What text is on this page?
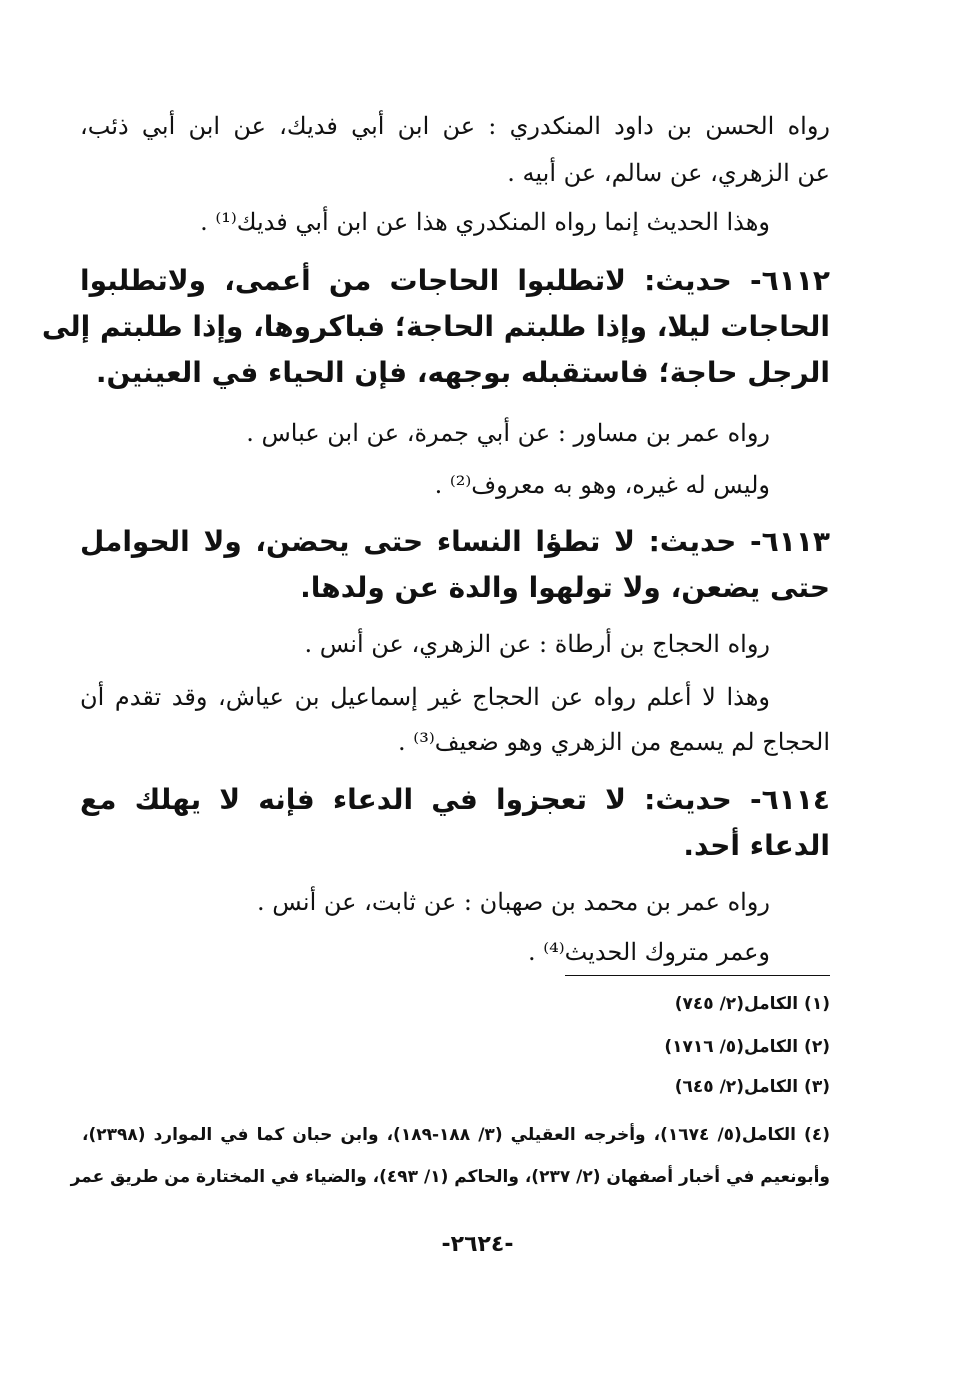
رواه الحسن بن داود المنكدري : عن ابن أبي فديك، عن ابن أبي ذئب،
عن الزهري، عن سالم، عن أبيه .
وهذا الحديث إنما رواه المنكدري هذا عن ابن أبي فديك⁽¹⁾ .
٦١١٢- حديث: لاتطلبوا الحاجات من أعمى، ولاتطلبوا
الحاجات ليلا، وإذا طلبتم الحاجة؛ فباكروها، وإذا طلبتم إلى
الرجل حاجة؛ فاستقبله بوجهه، فإن الحياء في العينين.
رواه عمر بن مساور : عن أبي جمرة، عن ابن عباس .
وليس له غيره، وهو به معروف⁽²⁾ .
٦١١٣- حديث: لا تطؤا النساء حتى يحضن، ولا الحوامل
حتى يضعن، ولا تولهوا والدة عن ولدها.
رواه الحجاج بن أرطاة : عن الزهري، عن أنس .
وهذا لا أعلم رواه عن الحجاج غير إسماعيل بن عياش، وقد تقدم أن
الحجاج لم يسمع من الزهري وهو ضعيف⁽³⁾ .
٦١١٤- حديث: لا تعجزوا في الدعاء فإنه لا يهلك مع
الدعاء أحد.
رواه عمر بن محمد بن صهبان : عن ثابت، عن أنس .
وعمر متروك الحديث⁽⁴⁾ .
(١) الكامل(٢/ ٧٤٥)
(٢) الكامل(٥/ ١٧١٦)
(٣) الكامل(٢/ ٦٤٥)
(٤) الكامل(٥/ ١٦٧٤)، وأخرجه العقيلي (٣/ ١٨٨-١٨٩)، وابن حبان كما في الموارد (٢٣٩٨)،
وأبونعيم في أخبار أصفهان (٢/ ٢٣٧)، والحاكم (١/ ٤٩٣)، والضياء في المختارة من طريق عمر
-٢٦٢٤-
